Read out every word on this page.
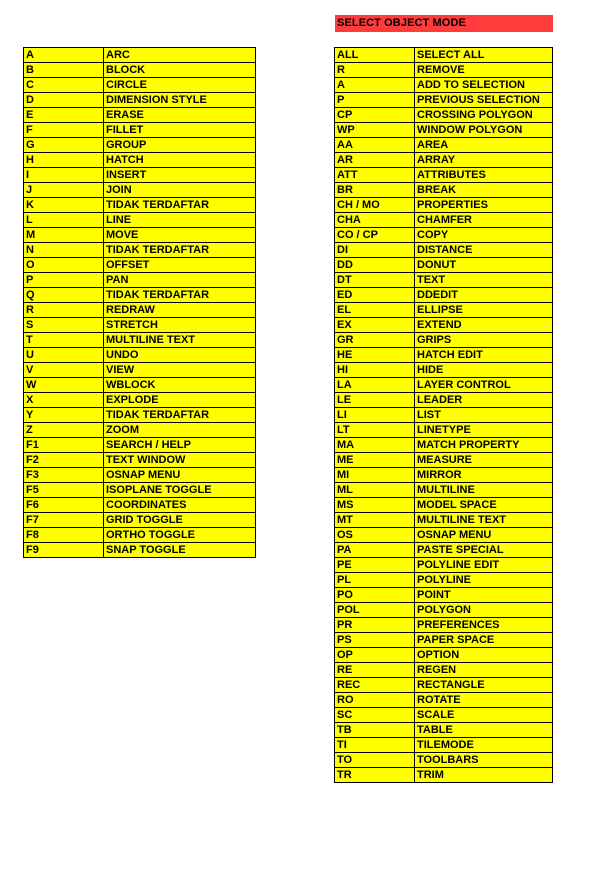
SELECT OBJECT MODE
A	ARC
B	BLOCK
C	CIRCLE
D	DIMENSION STYLE
E	ERASE
F	FILLET
G	GROUP
H	HATCH
I	INSERT
J	JOIN
K	TIDAK TERDAFTAR
L	LINE
M	MOVE
N	TIDAK TERDAFTAR
O	OFFSET
P	PAN
Q	TIDAK TERDAFTAR
R	REDRAW
S	STRETCH
T	MULTILINE TEXT
U	UNDO
V	VIEW
W	WBLOCK
X	EXPLODE
Y	TIDAK TERDAFTAR
Z	ZOOM
F1	SEARCH / HELP
F2	TEXT WINDOW
F3	OSNAP MENU
F5	ISOPLANE TOGGLE
F6	COORDINATES
F7	GRID TOGGLE
F8	ORTHO TOGGLE
F9	SNAP TOGGLE
ALL	SELECT ALL
R	REMOVE
A	ADD TO SELECTION
P	PREVIOUS SELECTION
CP	CROSSING POLYGON
WP	WINDOW POLYGON
AA	AREA
AR	ARRAY
ATT	ATTRIBUTES
BR	BREAK
CH / MO	PROPERTIES
CHA	CHAMFER
CO / CP	COPY
DI	DISTANCE
DD	DONUT
DT	TEXT
ED	DDEDIT
EL	ELLIPSE
EX	EXTEND
GR	GRIPS
HE	HATCH EDIT
HI	HIDE
LA	LAYER CONTROL
LE	LEADER
LI	LIST
LT	LINETYPE
MA	MATCH PROPERTY
ME	MEASURE
MI	MIRROR
ML	MULTILINE
MS	MODEL SPACE
MT	MULTILINE TEXT
OS	OSNAP MENU
PA	PASTE SPECIAL
PE	POLYLINE EDIT
PL	POLYLINE
PO	POINT
POL	POLYGON
PR	PREFERENCES
PS	PAPER SPACE
OP	OPTION
RE	REGEN
REC	RECTANGLE
RO	ROTATE
SC	SCALE
TB	TABLE
TI	TILEMODE
TO	TOOLBARS
TR	TRIM
